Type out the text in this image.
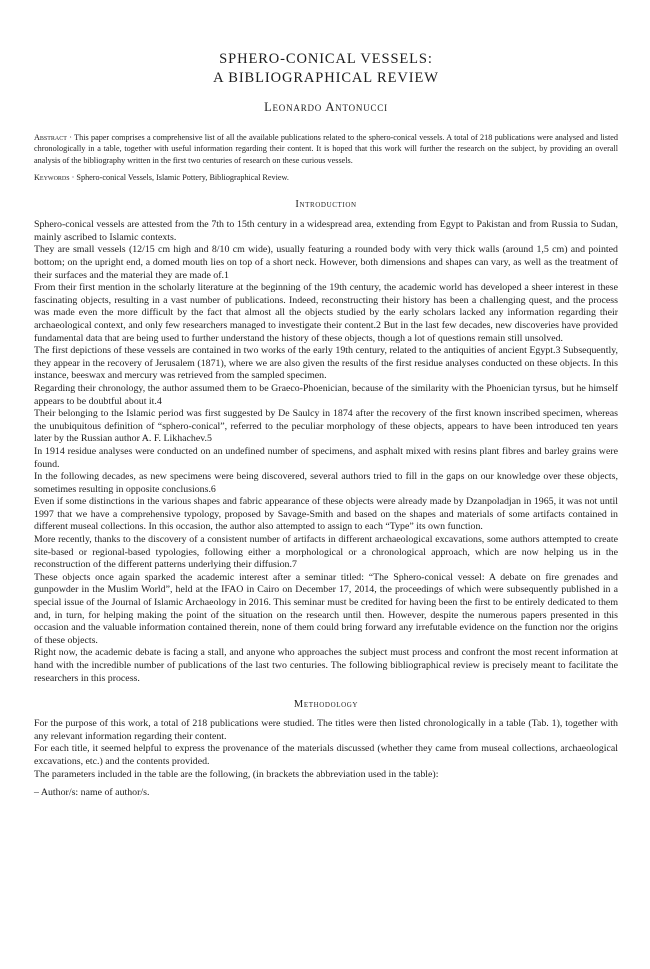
SPHERO-CONICAL VESSELS:
A BIBLIOGRAPHICAL REVIEW
Leonardo Antonucci
Abstract · This paper comprises a comprehensive list of all the available publications related to the sphero-conical vessels. A total of 218 publications were analysed and listed chronologically in a table, together with useful information regarding their content. It is hoped that this work will further the research on the subject, by providing an overall analysis of the bibliography written in the first two centuries of research on these curious vessels.
Keywords · Sphero-conical Vessels, Islamic Pottery, Bibliographical Review.
Introduction

Sphero-conical vessels are attested from the 7th to 15th century in a widespread area, extending from Egypt to Pakistan and from Russia to Sudan, mainly ascribed to Islamic contexts.

They are small vessels (12/15 cm high and 8/10 cm wide), usually featuring a rounded body with very thick walls (around 1,5 cm) and pointed bottom; on the upright end, a domed mouth lies on top of a short neck. However, both dimensions and shapes can vary, as well as the treatment of their surfaces and the material they are made of.1

From their first mention in the scholarly literature at the beginning of the 19th century, the academic world has developed a sheer interest in these fascinating objects, resulting in a vast number of publications. Indeed, reconstructing their history has been a challenging quest, and the process was made even the more difficult by the fact that almost all the objects studied by the early scholars lacked any information regarding their archaeological context, and only few researchers managed to investigate their content.2 But in the last few decades, new discoveries have provided fundamental data that are being used to further understand the history of these objects, though a lot of questions remain still unsolved.

The first depictions of these vessels are contained in two works of the early 19th century, related to the antiquities of ancient Egypt.3 Subsequently, they appear in the recovery of Jerusalem (1871), where we are also given the results of the first residue analyses conducted on these objects. In this instance, beeswax and mercury was retrieved from the sampled specimen.

Regarding their chronology, the author assumed them to be Graeco-Phoenician, because of the similarity with the Phoenician tyrsus, but he himself appears to be doubtful about it.4

Their belonging to the Islamic period was first suggested by De Saulcy in 1874 after the recovery of the first known inscribed specimen, whereas the unubiquitous definition of “sphero-conical”, referred to the peculiar morphology of these objects, appears to have been introduced ten years later by the Russian author A. F. Likhachev.5

In 1914 residue analyses were conducted on an undefined number of specimens, and asphalt mixed with resins plant fibres and barley grains were found.

In the following decades, as new specimens were being discovered, several authors tried to fill in the gaps on our knowledge over these objects, sometimes resulting in opposite conclusions.6

Even if some distinctions in the various shapes and fabric appearance of these objects were already made by Dzanpoladjan in 1965, it was not until 1997 that we have a comprehensive typology, proposed by Savage-Smith and based on the shapes and materials of some artifacts contained in different museal collections. In this occasion, the author also attempted to assign to each “Type” its own function.

More recently, thanks to the discovery of a consistent number of artifacts in different archaeological excavations, some authors attempted to create site-based or regional-based typologies, following either a morphological or a chronological approach, which are now helping us in the reconstruction of the different patterns underlying their diffusion.7

These objects once again sparked the academic interest after a seminar titled: “The Sphero-conical vessel: A debate on fire grenades and gunpowder in the Muslim World”, held at the IFAO in Cairo on December 17, 2014, the proceedings of which were subsequently published in a special issue of the Journal of Islamic Archaeology in 2016. This seminar must be credited for having been the first to be entirely dedicated to them and, in turn, for helping making the point of the situation on the research until then. However, despite the numerous papers presented in this occasion and the valuable information contained therein, none of them could bring forward any irrefutable evidence on the function nor the origins of these objects.

Right now, the academic debate is facing a stall, and anyone who approaches the subject must process and confront the most recent information at hand with the incredible number of publications of the last two centuries. The following bibliographical review is precisely meant to facilitate the researchers in this process.

Methodology

For the purpose of this work, a total of 218 publications were studied. The titles were then listed chronologically in a table (Tab. 1), together with any relevant information regarding their content.

For each title, it seemed helpful to express the provenance of the materials discussed (whether they came from museal collections, archaeological excavations, etc.) and the contents provided.

The parameters included in the table are the following, (in brackets the abbreviation used in the table):

– Author/s: name of author/s.
